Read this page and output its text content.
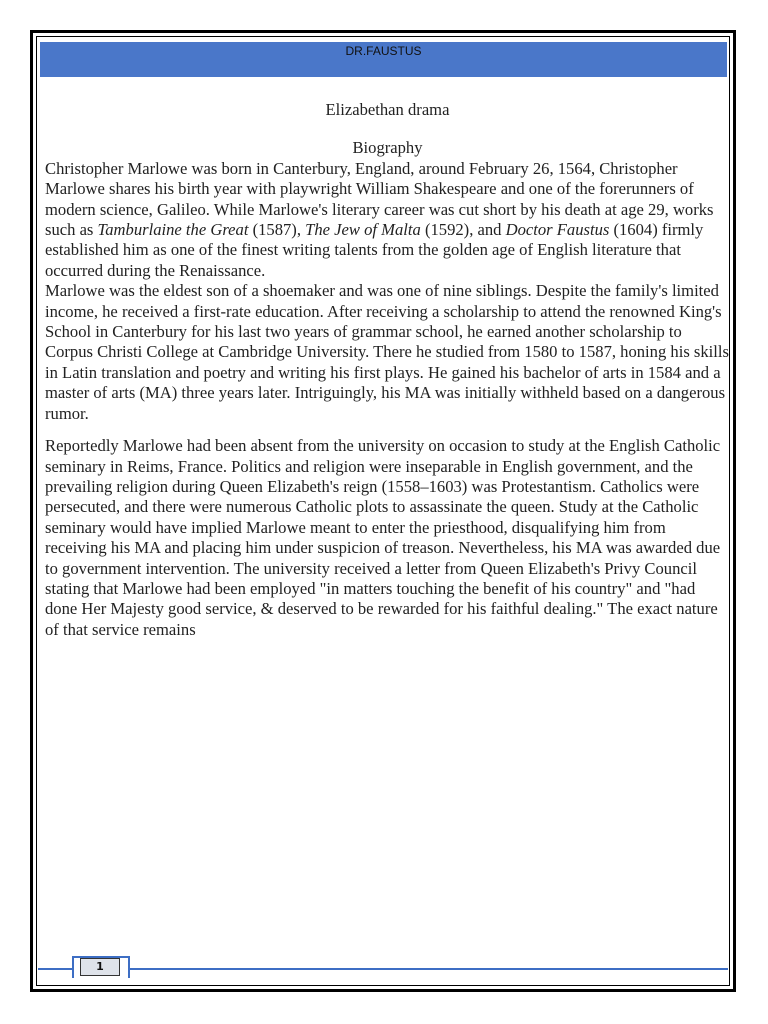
DR.FAUSTUS

Elizabethan drama

Biography

Christopher Marlowe was born in Canterbury, England, around February 26, 1564, Christopher Marlowe shares his birth year with playwright William Shakespeare and one of the forerunners of modern science, Galileo. While Marlowe's literary career was cut short by his death at age 29, works such as Tamburlaine the Great (1587), The Jew of Malta (1592), and Doctor Faustus (1604) firmly established him as one of the finest writing talents from the golden age of English literature that occurred during the Renaissance.

Marlowe was the eldest son of a shoemaker and was one of nine siblings. Despite the family's limited income, he received a first-rate education. After receiving a scholarship to attend the renowned King's School in Canterbury for his last two years of grammar school, he earned another scholarship to Corpus Christi College at Cambridge University. There he studied from 1580 to 1587, honing his skills in Latin translation and poetry and writing his first plays. He gained his bachelor of arts in 1584 and a master of arts (MA) three years later. Intriguingly, his MA was initially withheld based on a dangerous rumor.

Reportedly Marlowe had been absent from the university on occasion to study at the English Catholic seminary in Reims, France. Politics and religion were inseparable in English government, and the prevailing religion during Queen Elizabeth's reign (1558–1603) was Protestantism. Catholics were persecuted, and there were numerous Catholic plots to assassinate the queen. Study at the Catholic seminary would have implied Marlowe meant to enter the priesthood, disqualifying him from receiving his MA and placing him under suspicion of treason. Nevertheless, his MA was awarded due to government intervention. The university received a letter from Queen Elizabeth's Privy Council stating that Marlowe had been employed "in matters touching the benefit of his country" and "had done Her Majesty good service, & deserved to be rewarded for his faithful dealing." The exact nature of that service remains

1
